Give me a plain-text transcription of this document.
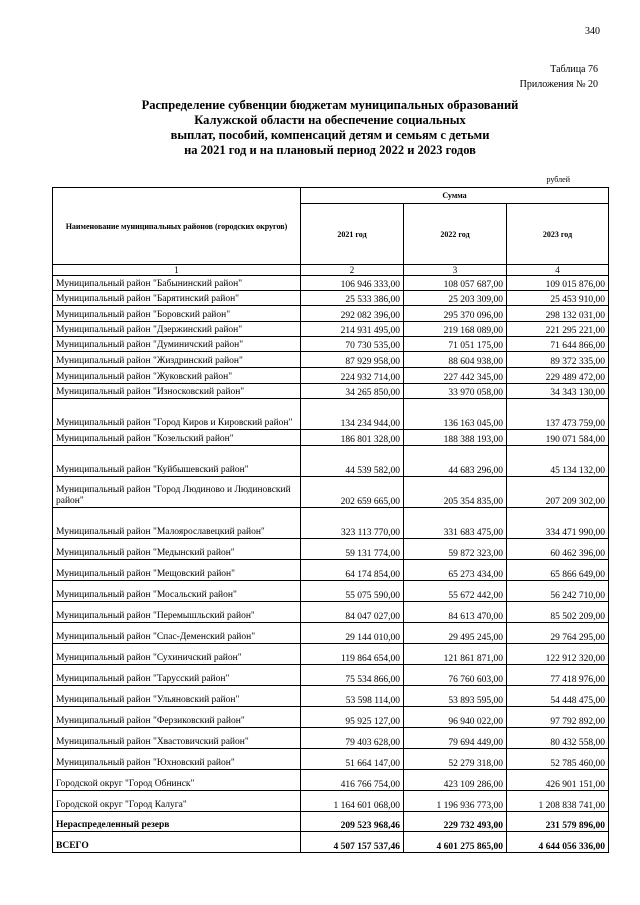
340
Таблица 76
Приложения № 20
Распределение субвенции бюджетам муниципальных образований
Калужской области на обеспечение социальных
выплат, пособий, компенсаций детям и семьям с детьми
на 2021 год и на плановый период 2022 и 2023 годов
рублей
Наименование муниципальных районов (городских округов)	Сумма		
	2021 год	2022 год	2023 год
1	2	3	4
Муниципальный район "Бабынинский район"	106 946 333,00	108 057 687,00	109 015 876,00
Муниципальный район "Барятинский район"	25 533 386,00	25 203 309,00	25 453 910,00
Муниципальный район "Боровский район"	292 082 396,00	295 370 096,00	298 132 031,00
Муниципальный район "Дзержинский район"	214 931 495,00	219 168 089,00	221 295 221,00
Муниципальный район "Думиничский район"	70 730 535,00	71 051 175,00	71 644 866,00
Муниципальный район "Жиздринский район"	87 929 958,00	88 604 938,00	89 372 335,00
Муниципальный район "Жуковский район"	224 932 714,00	227 442 345,00	229 489 472,00
Муниципальный район "Износковский район"	34 265 850,00	33 970 058,00	34 343 130,00
Муниципальный район "Город Киров и Кировский район"	134 234 944,00	136 163 045,00	137 473 759,00
Муниципальный район "Козельский район"	186 801 328,00	188 388 193,00	190 071 584,00
Муниципальный район "Куйбышевский район"	44 539 582,00	44 683 296,00	45 134 132,00
Муниципальный район "Город Людиново и Людиновский район"	202 659 665,00	205 354 835,00	207 209 302,00
Муниципальный район "Малоярославецкий район"	323 113 770,00	331 683 475,00	334 471 990,00
Муниципальный район "Медынский район"	59 131 774,00	59 872 323,00	60 462 396,00
Муниципальный район "Мещовский район"	64 174 854,00	65 273 434,00	65 866 649,00
Муниципальный район "Мосальский район"	55 075 590,00	55 672 442,00	56 242 710,00
Муниципальный район "Перемышльский район"	84 047 027,00	84 613 470,00	85 502 209,00
Муниципальный район "Спас-Деменский район"	29 144 010,00	29 495 245,00	29 764 295,00
Муниципальный район "Сухиничский район"	119 864 654,00	121 861 871,00	122 912 320,00
Муниципальный район "Тарусский район"	75 534 866,00	76 760 603,00	77 418 976,00
Муниципальный район "Ульяновский район"	53 598 114,00	53 893 595,00	54 448 475,00
Муниципальный район "Ферзиковский район"	95 925 127,00	96 940 022,00	97 792 892,00
Муниципальный район "Хвастовичский район"	79 403 628,00	79 694 449,00	80 432 558,00
Муниципальный район "Юхновский район"	51 664 147,00	52 279 318,00	52 785 460,00
Городской округ "Город Обнинск"	416 766 754,00	423 109 286,00	426 901 151,00
Городской округ "Город Калуга"	1 164 601 068,00	1 196 936 773,00	1 208 838 741,00
Нераспределенный резерв	209 523 968,46	229 732 493,00	231 579 896,00
ВСЕГО	4 507 157 537,46	4 601 275 865,00	4 644 056 336,00
